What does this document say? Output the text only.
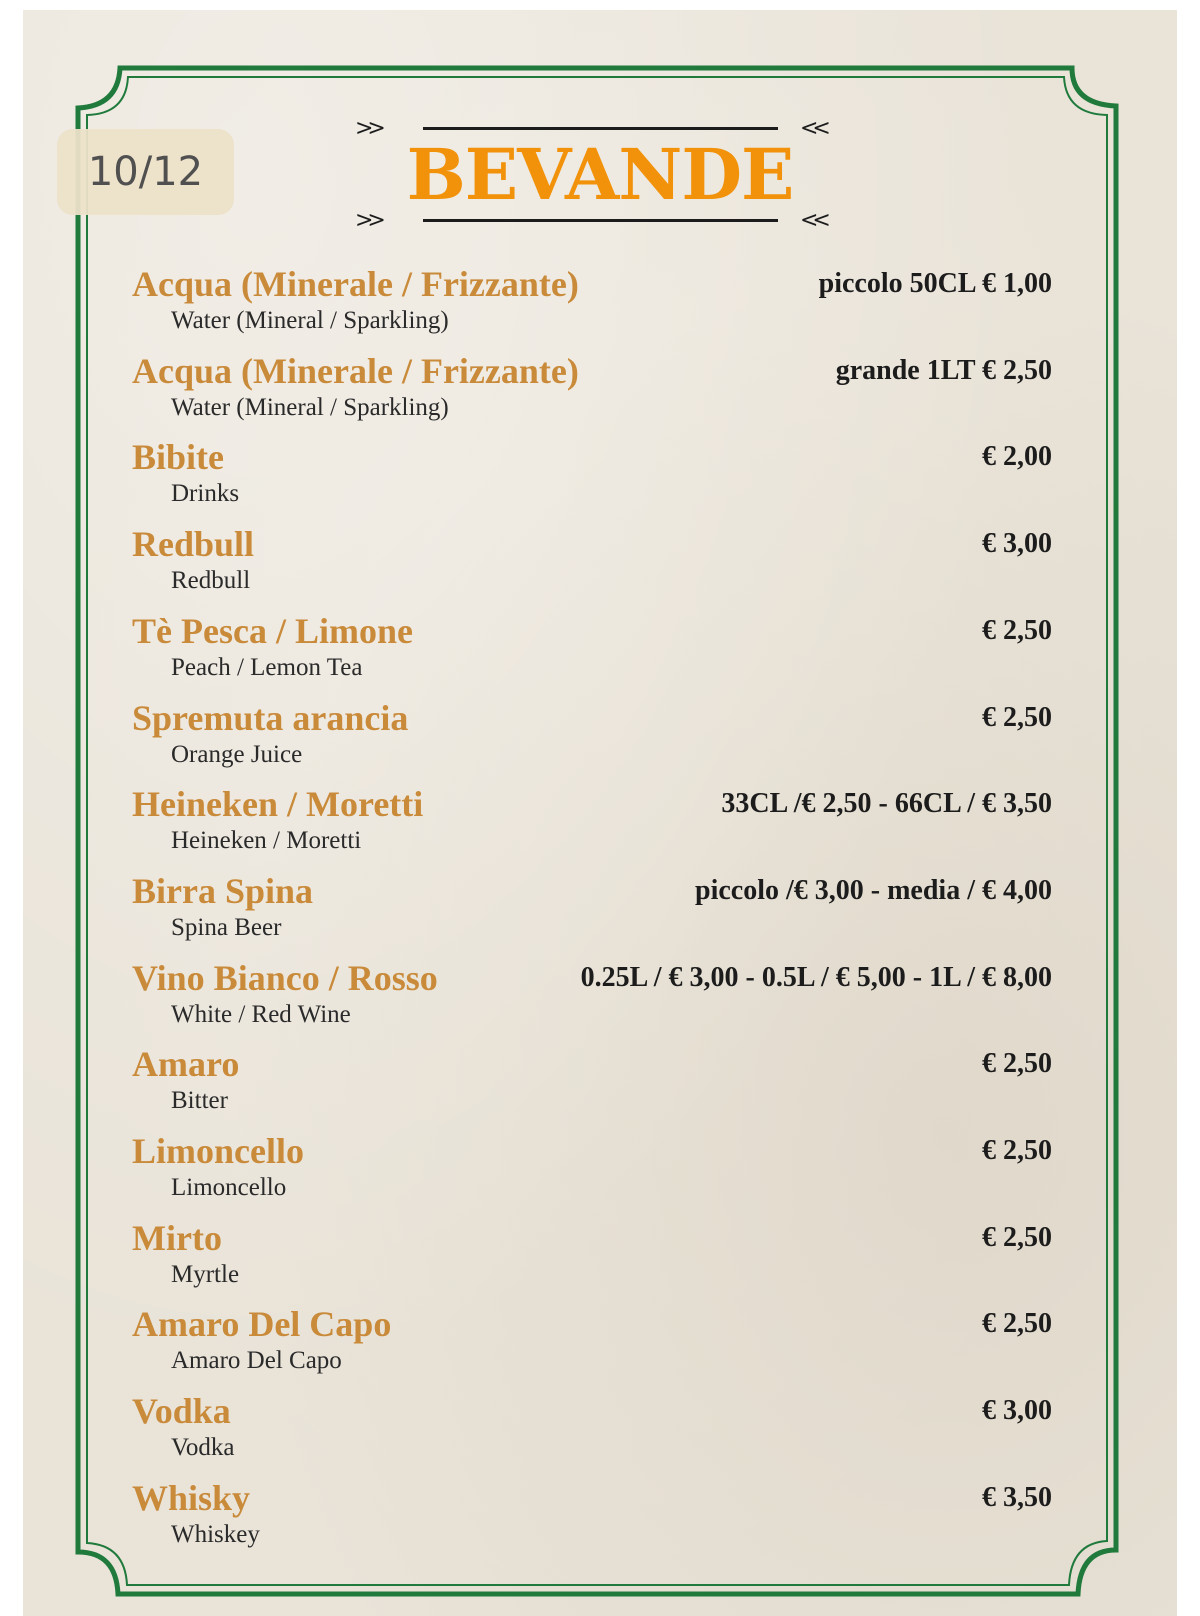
10/12
>>	<<
>>	<<
BEVANDE
Acqua (Minerale / Frizzante)
Water (Mineral / Sparkling)
piccolo 50CL € 1,00
Acqua (Minerale / Frizzante)
Water (Mineral / Sparkling)
grande 1LT € 2,50
Bibite
Drinks
€ 2,00
Redbull
Redbull
€ 3,00
Tè Pesca / Limone
Peach / Lemon Tea
€ 2,50
Spremuta arancia
Orange Juice
€ 2,50
Heineken / Moretti
Heineken / Moretti
33CL /€ 2,50 - 66CL / € 3,50
Birra Spina
Spina Beer
piccolo /€ 3,00 - media / € 4,00
Vino Bianco / Rosso
White / Red Wine
0.25L / € 3,00 - 0.5L / € 5,00 - 1L / € 8,00
Amaro
Bitter
€ 2,50
Limoncello
Limoncello
€ 2,50
Mirto
Myrtle
€ 2,50
Amaro Del Capo
Amaro Del Capo
€ 2,50
Vodka
Vodka
€ 3,00
Whisky
Whiskey
€ 3,50
